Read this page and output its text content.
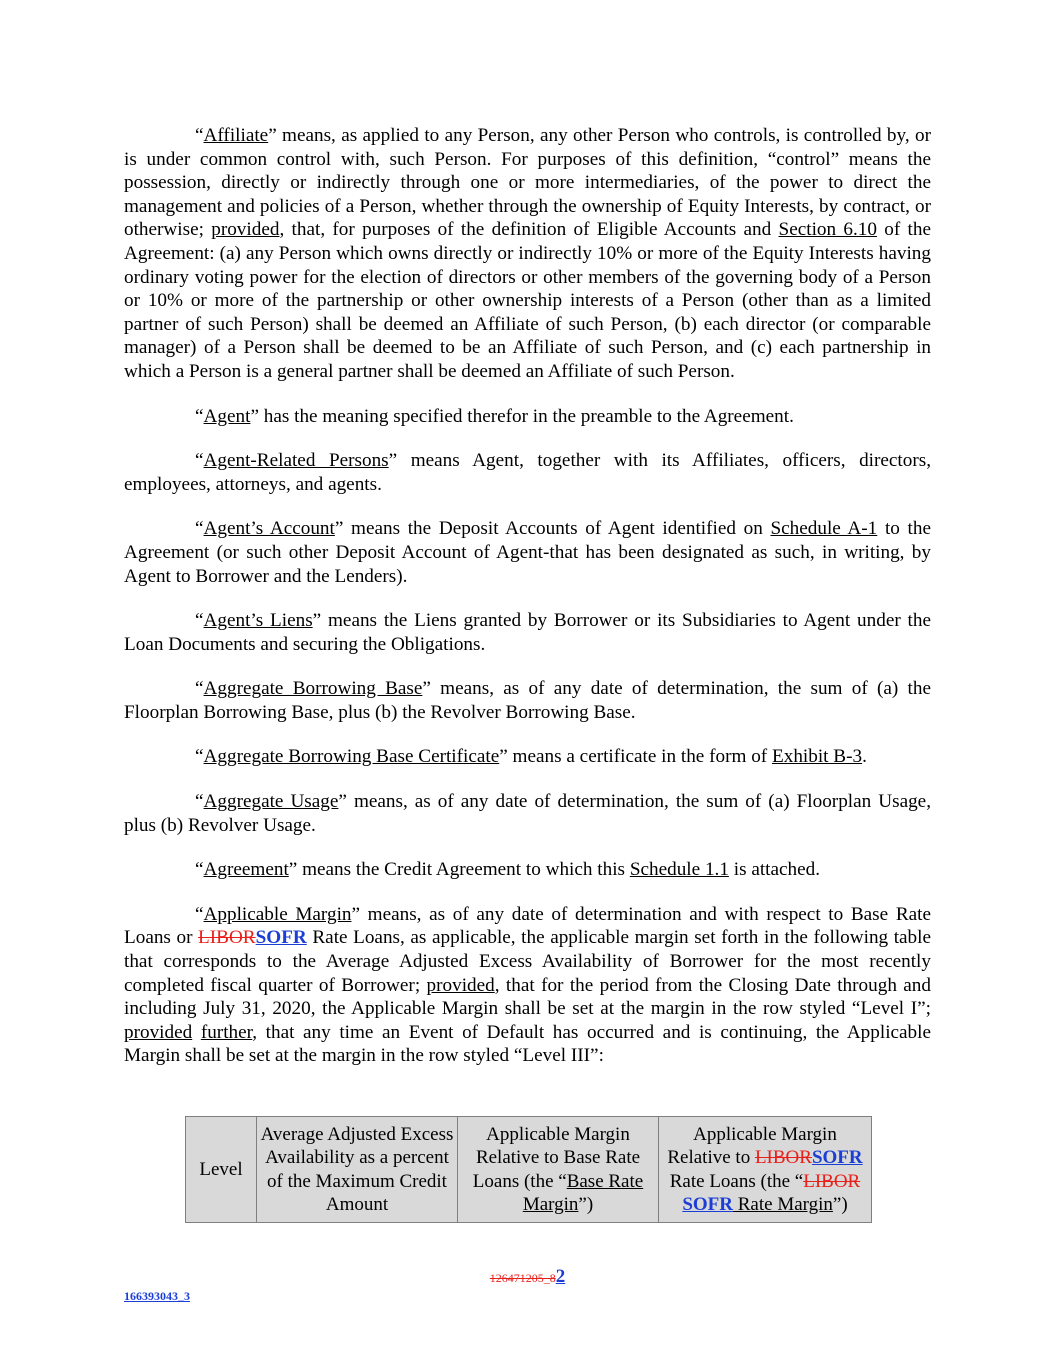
“Affiliate” means, as applied to any Person, any other Person who controls, is controlled by, or is under common control with, such Person. For purposes of this definition, “control” means the possession, directly or indirectly through one or more intermediaries, of the power to direct the management and policies of a Person, whether through the ownership of Equity Interests, by contract, or otherwise; provided, that, for purposes of the definition of Eligible Accounts and Section 6.10 of the Agreement: (a) any Person which owns directly or indirectly 10% or more of the Equity Interests having ordinary voting power for the election of directors or other members of the governing body of a Person or 10% or more of the partnership or other ownership interests of a Person (other than as a limited partner of such Person) shall be deemed an Affiliate of such Person, (b) each director (or comparable manager) of a Person shall be deemed to be an Affiliate of such Person, and (c) each partnership in which a Person is a general partner shall be deemed an Affiliate of such Person.

“Agent” has the meaning specified therefor in the preamble to the Agreement.

“Agent-Related Persons” means Agent, together with its Affiliates, officers, directors, employees, attorneys, and agents.

“Agent’s Account” means the Deposit Accounts of Agent identified on Schedule A-1 to the Agreement (or such other Deposit Account of Agent-that has been designated as such, in writing, by Agent to Borrower and the Lenders).

“Agent’s Liens” means the Liens granted by Borrower or its Subsidiaries to Agent under the Loan Documents and securing the Obligations.

“Aggregate Borrowing Base” means, as of any date of determination, the sum of (a) the Floorplan Borrowing Base, plus (b) the Revolver Borrowing Base.

“Aggregate Borrowing Base Certificate” means a certificate in the form of Exhibit B-3.

“Aggregate Usage” means, as of any date of determination, the sum of (a) Floorplan Usage, plus (b) Revolver Usage.

“Agreement” means the Credit Agreement to which this Schedule 1.1 is attached.

“Applicable Margin” means, as of any date of determination and with respect to Base Rate Loans or LIBORSOFR Rate Loans, as applicable, the applicable margin set forth in the following table that corresponds to the Average Adjusted Excess Availability of Borrower for the most recently completed fiscal quarter of Borrower; provided, that for the period from the Closing Date through and including July 31, 2020, the Applicable Margin shall be set at the margin in the row styled “Level I”; provided further, that any time an Event of Default has occurred and is continuing, the Applicable Margin shall be set at the margin in the row styled “Level III”:

Level	Average Adjusted Excess Availability as a percent of the Maximum Credit Amount	Applicable Margin Relative to Base Rate Loans (the “Base Rate Margin”)	Applicable Margin Relative to LIBORSOFR Rate Loans (the “LIBOR
SOFR Rate Margin”)
126471205_82
166393043_3
